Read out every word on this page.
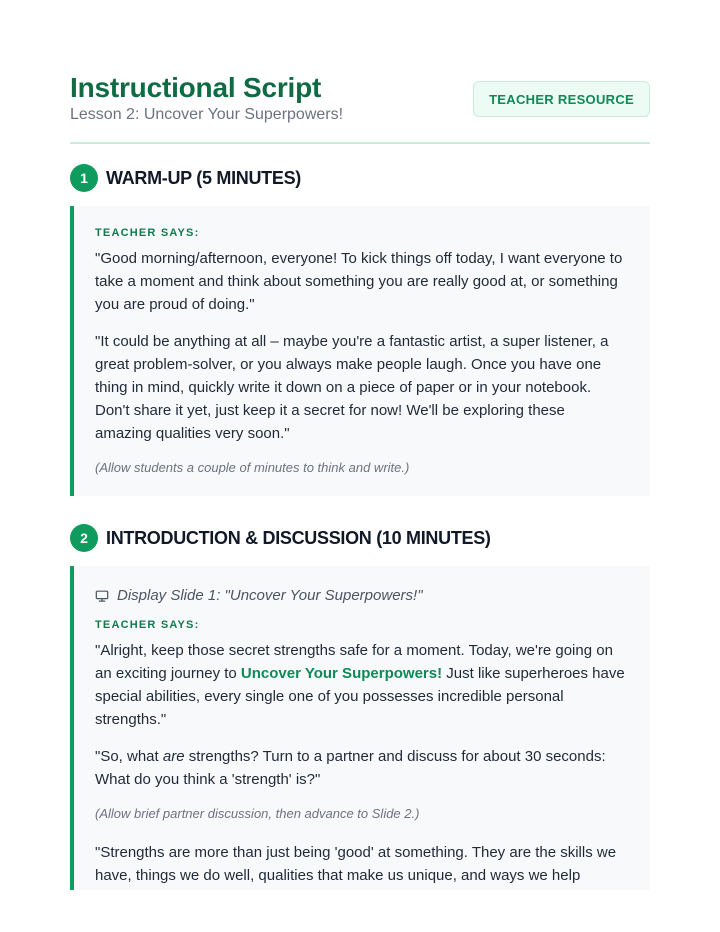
Instructional Script
Lesson 2: Uncover Your Superpowers!
TEACHER RESOURCE
1	WARM-UP (5 MINUTES)
TEACHER SAYS:

"Good morning/afternoon, everyone! To kick things off today, I want everyone to take a moment and think about something you are really good at, or something you are proud of doing."

"It could be anything at all – maybe you're a fantastic artist, a super listener, a great problem-solver, or you always make people laugh. Once you have one thing in mind, quickly write it down on a piece of paper or in your notebook. Don't share it yet, just keep it a secret for now! We'll be exploring these amazing qualities very soon."

(Allow students a couple of minutes to think and write.)

2	INTRODUCTION & DISCUSSION (10 MINUTES)
Display Slide 1: "Uncover Your Superpowers!"
TEACHER SAYS:

"Alright, keep those secret strengths safe for a moment. Today, we're going on an exciting journey to Uncover Your Superpowers! Just like superheroes have special abilities, every single one of you possesses incredible personal strengths."

"So, what are strengths? Turn to a partner and discuss for about 30 seconds: What do you think a 'strength' is?"

(Allow brief partner discussion, then advance to Slide 2.)

"Strengths are more than just being 'good' at something. They are the skills we have, things we do well, qualities that make us unique, and ways we help
